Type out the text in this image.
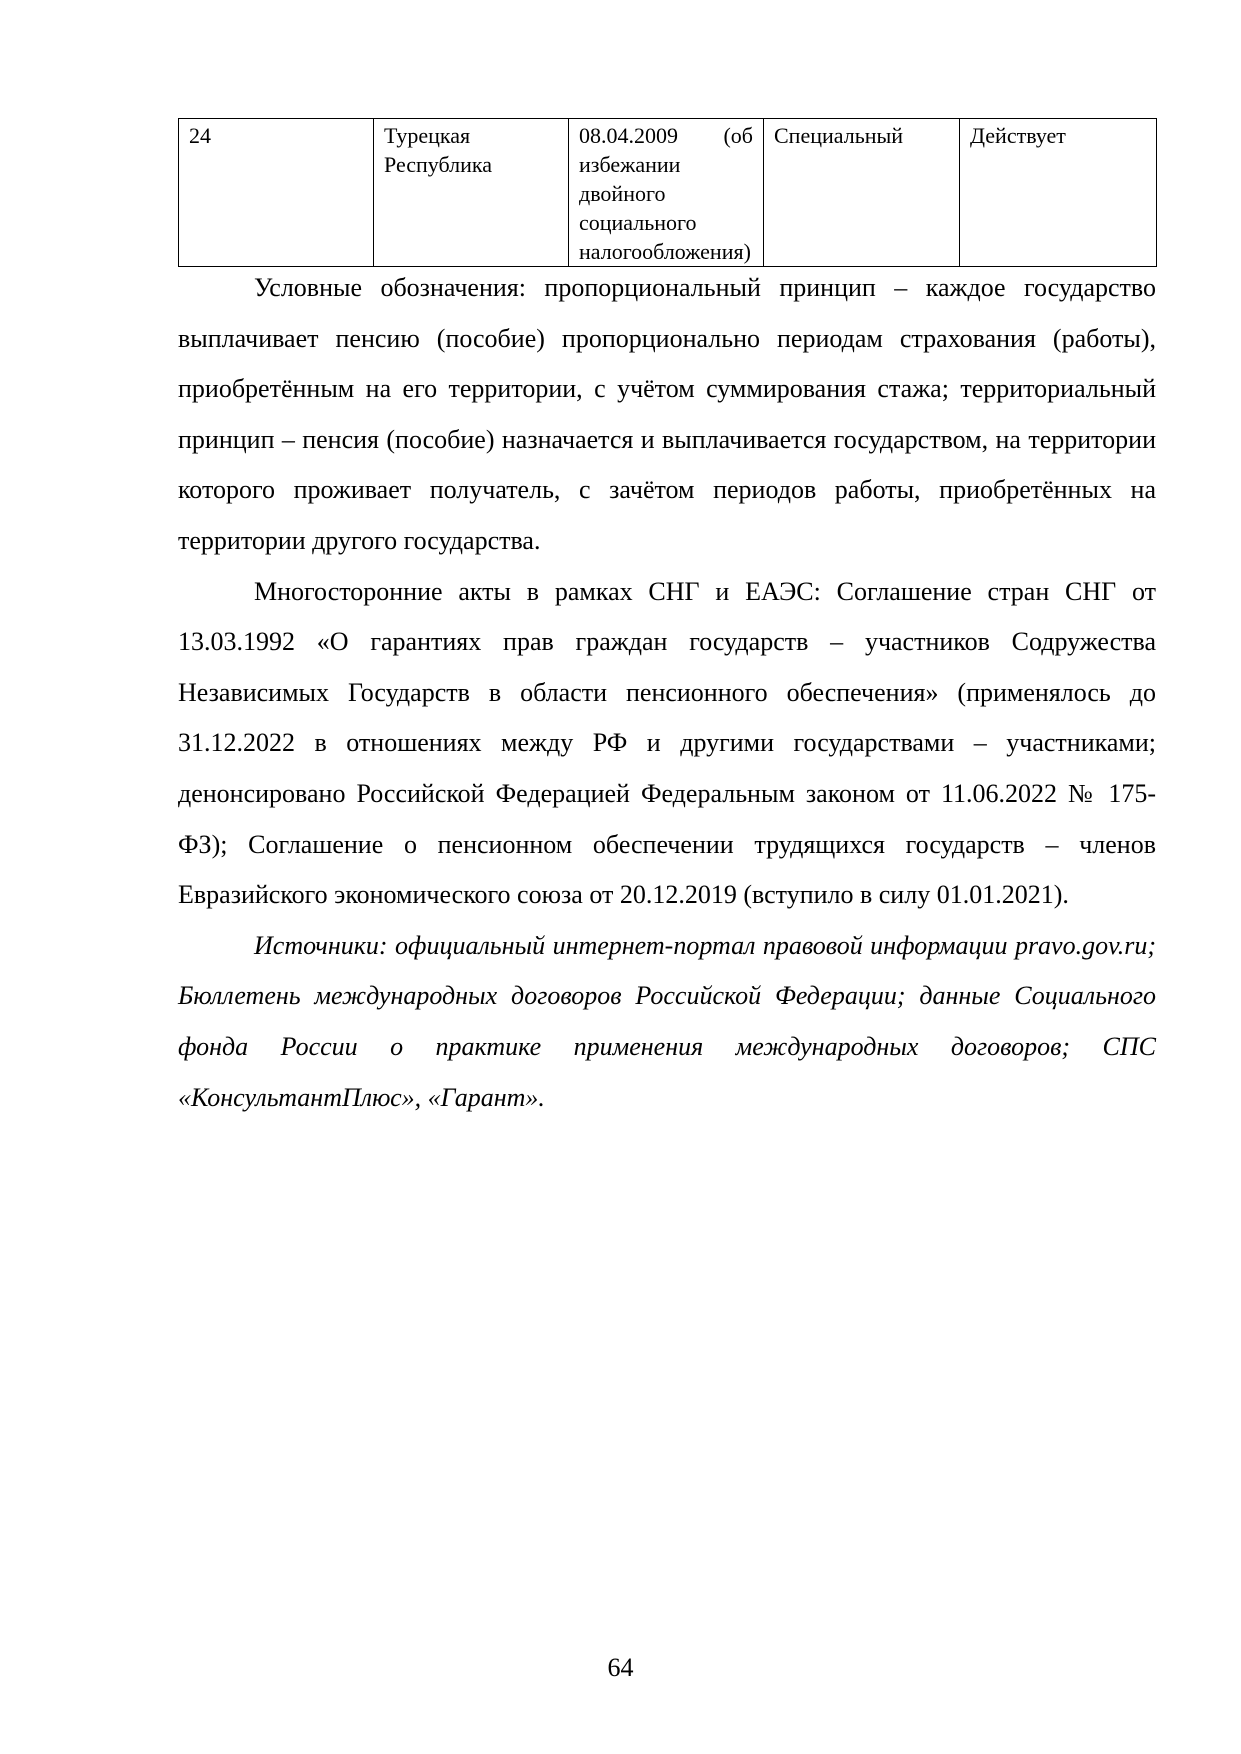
24	Турецкая Республика	08.04.2009 (об избежании двойного социального налогообложения)	Специальный	Действует

Условные обозначения: пропорциональный принцип – каждое государство выплачивает пенсию (пособие) пропорционально периодам страхования (работы), приобретённым на его территории, с учётом суммирования стажа; территориальный принцип – пенсия (пособие) назначается и выплачивается государством, на территории которого проживает получатель, с зачётом периодов работы, приобретённых на территории другого государства.

Многосторонние акты в рамках СНГ и ЕАЭС: Соглашение стран СНГ от 13.03.1992 «О гарантиях прав граждан государств – участников Содружества Независимых Государств в области пенсионного обеспечения» (применялось до 31.12.2022 в отношениях между РФ и другими государствами – участниками; денонсировано Российской Федерацией Федеральным законом от 11.06.2022 № 175-ФЗ); Соглашение о пенсионном обеспечении трудящихся государств – членов Евразийского экономического союза от 20.12.2019 (вступило в силу 01.01.2021).

Источники: официальный интернет-портал правовой информации pravo.gov.ru; Бюллетень международных договоров Российской Федерации; данные Социального фонда России о практике применения международных договоров; СПС «КонсультантПлюс», «Гарант».

64
